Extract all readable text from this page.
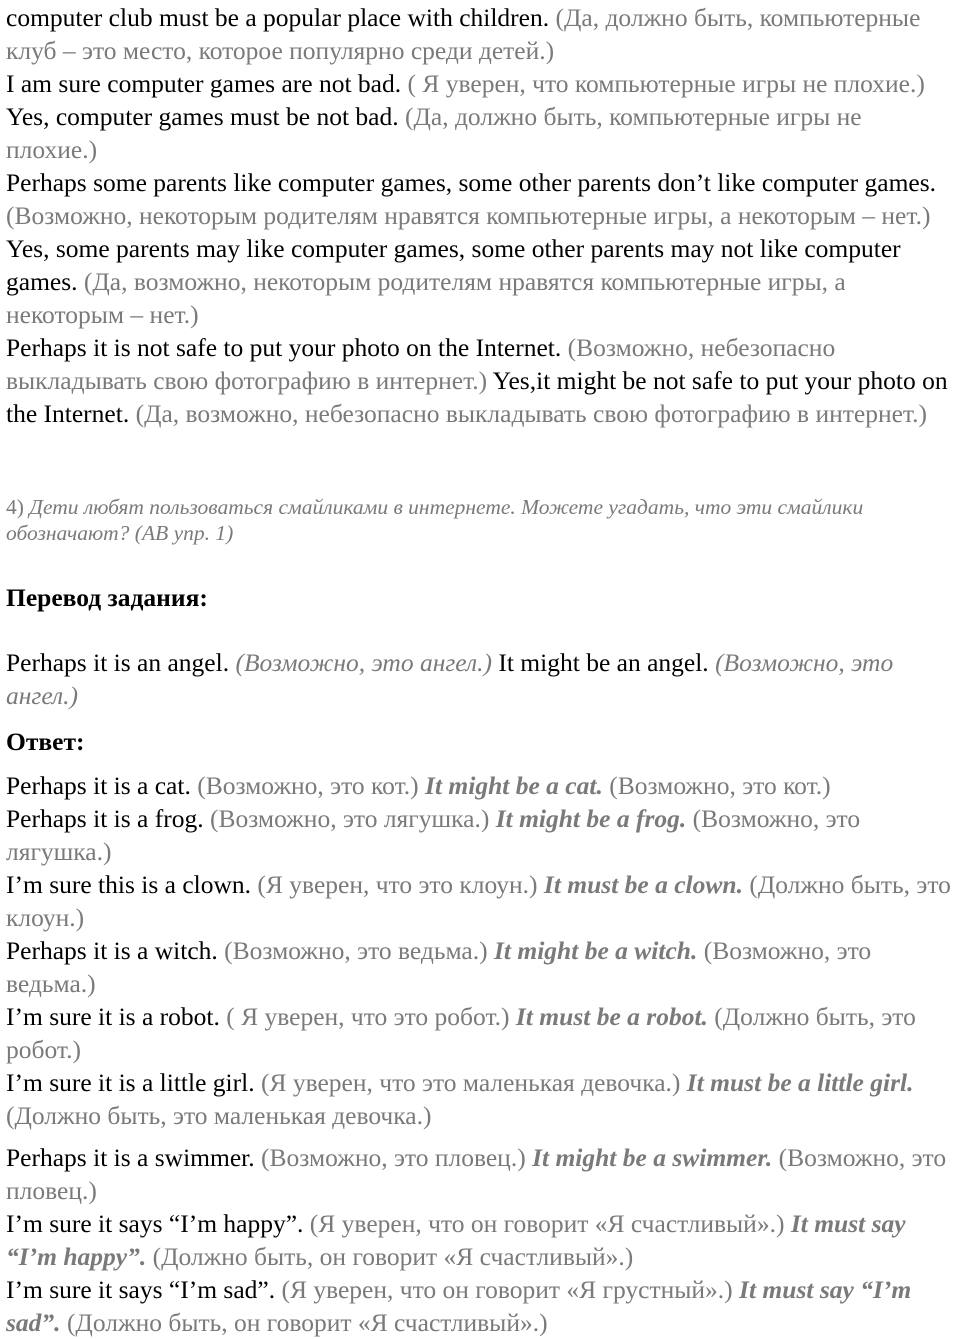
computer club must be a popular place with children. (Да, должно быть, компьютерные клуб – это место, которое популярно среди детей.)

I am sure computer games are not bad. ( Я уверен, что компьютерные игры не плохие.) Yes, computer games must be not bad. (Да, должно быть, компьютерные игры не плохие.)

Perhaps some parents like computer games, some other parents don’t like computer games. (Возможно, некоторым родителям нравятся компьютерные игры, а некоторым – нет.) Yes, some parents may like computer games, some other parents may not like computer games. (Да, возможно, некоторым родителям нравятся компьютерные игры, а некоторым – нет.)

Perhaps it is not safe to put your photo on the Internet. (Возможно, небезопасно выкладывать свою фотографию в интернет.) Yes,it might be not safe to put your photo on the Internet. (Да, возможно, небезопасно выкладывать свою фотографию в интернет.)

4) Дети любят пользоваться смайликами в интернете. Можете угадать, что эти смайлики обозначают? (АВ упр. 1)

Перевод задания:

Perhaps it is an angel. (Возможно, это ангел.) It might be an angel. (Возможно, это ангел.)

Ответ:

Perhaps it is a cat. (Возможно, это кот.) It might be a cat. (Возможно, это кот.)

Perhaps it is a frog. (Возможно, это лягушка.) It might be a frog. (Возможно, это лягушка.)

I’m sure this is a clown. (Я уверен, что это клоун.) It must be a clown. (Должно быть, это клоун.)

Perhaps it is a witch. (Возможно, это ведьма.) It might be a witch. (Возможно, это ведьма.)

I’m sure it is a robot. ( Я уверен, что это робот.) It must be a robot. (Должно быть, это робот.)

I’m sure it is a little girl. (Я уверен, что это маленькая девочка.) It must be a little girl. (Должно быть, это маленькая девочка.)

Perhaps it is a swimmer. (Возможно, это пловец.) It might be a swimmer. (Возможно, это пловец.)

I’m sure it says “I’m happy”. (Я уверен, что он говорит «Я счастливый».) It must say “I’m happy”. (Должно быть, он говорит «Я счастливый».)

I’m sure it says “I’m sad”. (Я уверен, что он говорит «Я грустный».) It must say “I’m sad”. (Должно быть, он говорит «Я счастливый».)
